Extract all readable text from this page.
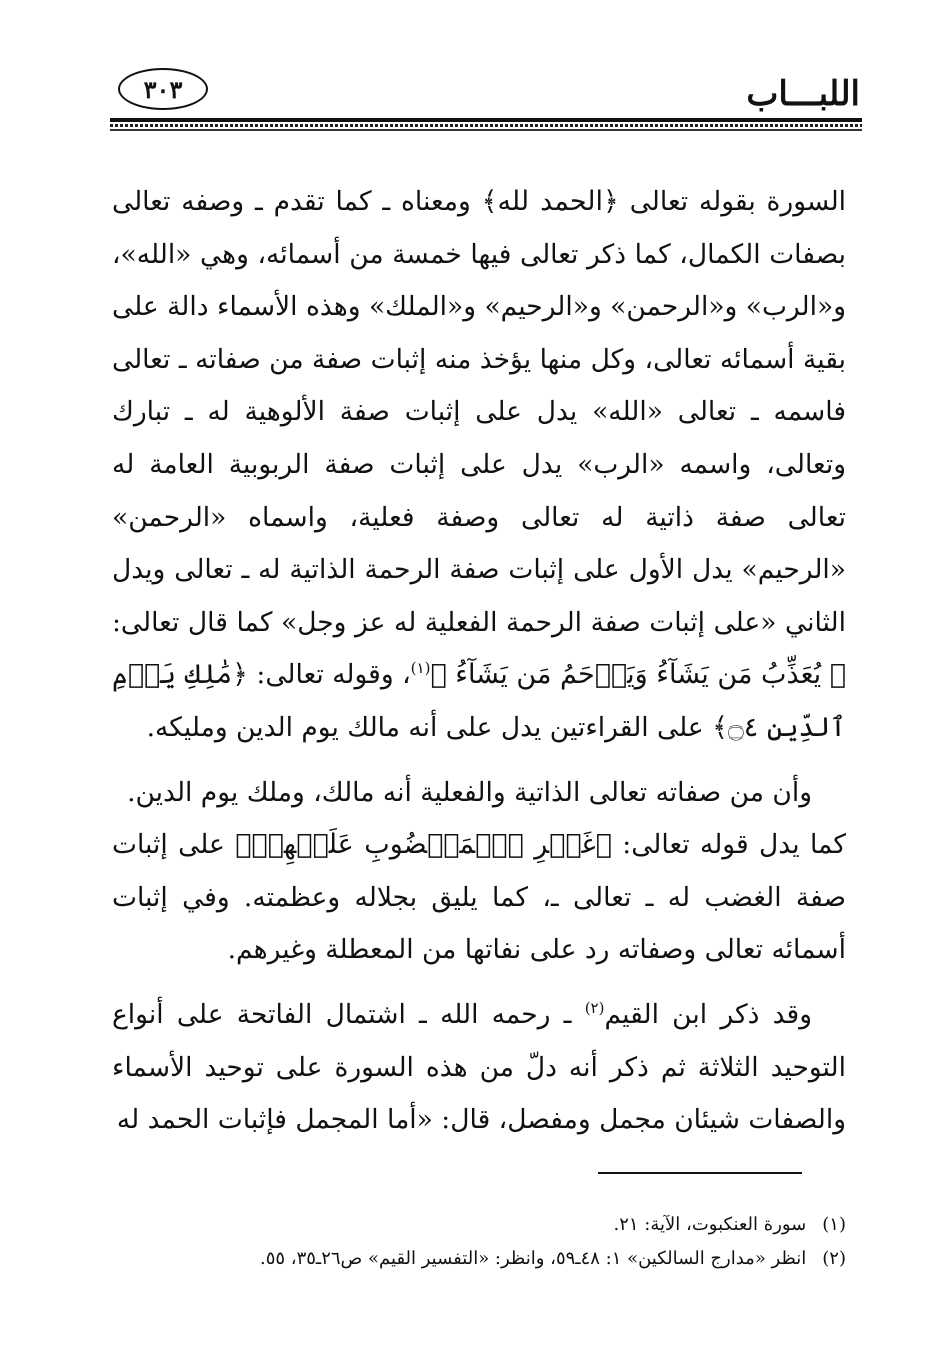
اللبـــاب
٣٠٣

السورة بقوله تعالى ﴿الحمد لله﴾ ومعناه ـ كما تقدم ـ وصفه تعالى بصفات الكمال، كما ذكر تعالى فيها خمسة من أسمائه، وهي «الله»، و«الرب» و«الرحمن» و«الرحيم» و«الملك» وهذه الأسماء دالة على بقية أسمائه تعالى، وكل منها يؤخذ منه إثبات صفة من صفاته ـ تعالى فاسمه ـ تعالى «الله» يدل على إثبات صفة الألوهية له ـ تبارك وتعالى، واسمه «الرب» يدل على إثبات صفة الربوبية العامة له تعالى صفة ذاتية له تعالى وصفة فعلية، واسماه «الرحمن» «الرحيم» يدل الأول على إثبات صفة الرحمة الذاتية له ـ تعالى ويدل الثاني «على إثبات صفة الرحمة الفعلية له عز وجل» كما قال تعالى: ﴿ يُعَذِّبُ مَن يَشَآءُ وَيَرۡحَمُ مَن يَشَآءُ ﴾$^{(١)}$، وقوله تعالى: ﴿مَٰلِكِ يَوۡمِ ٱلدِّينِ ۝٤﴾ على القراءتين يدل على أنه مالك يوم الدين ومليكه.

وأن من صفاته تعالى الذاتية والفعلية أنه مالك، وملك يوم الدين.

كما يدل قوله تعالى: ﴿غَيۡرِ ٱلۡمَغۡضُوبِ عَلَيۡهِمۡ﴾ على إثبات صفة الغضب له ـ تعالى ـ، كما يليق بجلاله وعظمته. وفي إثبات أسمائه تعالى وصفاته رد على نفاتها من المعطلة وغيرهم.

وقد ذكر ابن القيم$^{(٢)}$ ـ رحمه الله ـ اشتمال الفاتحة على أنواع التوحيد الثلاثة ثم ذكر أنه دلّ من هذه السورة على توحيد الأسماء والصفات شيئان مجمل ومفصل، قال: «أما المجمل فإثبات الحمد له

(١) سورة العنكبوت، الآية: ٢١.
(٢) انظر «مدارج السالكين» ١: ٤٨ـ٥٩، وانظر: «التفسير القيم» ص٢٦ـ٣٥، ٥٥.
